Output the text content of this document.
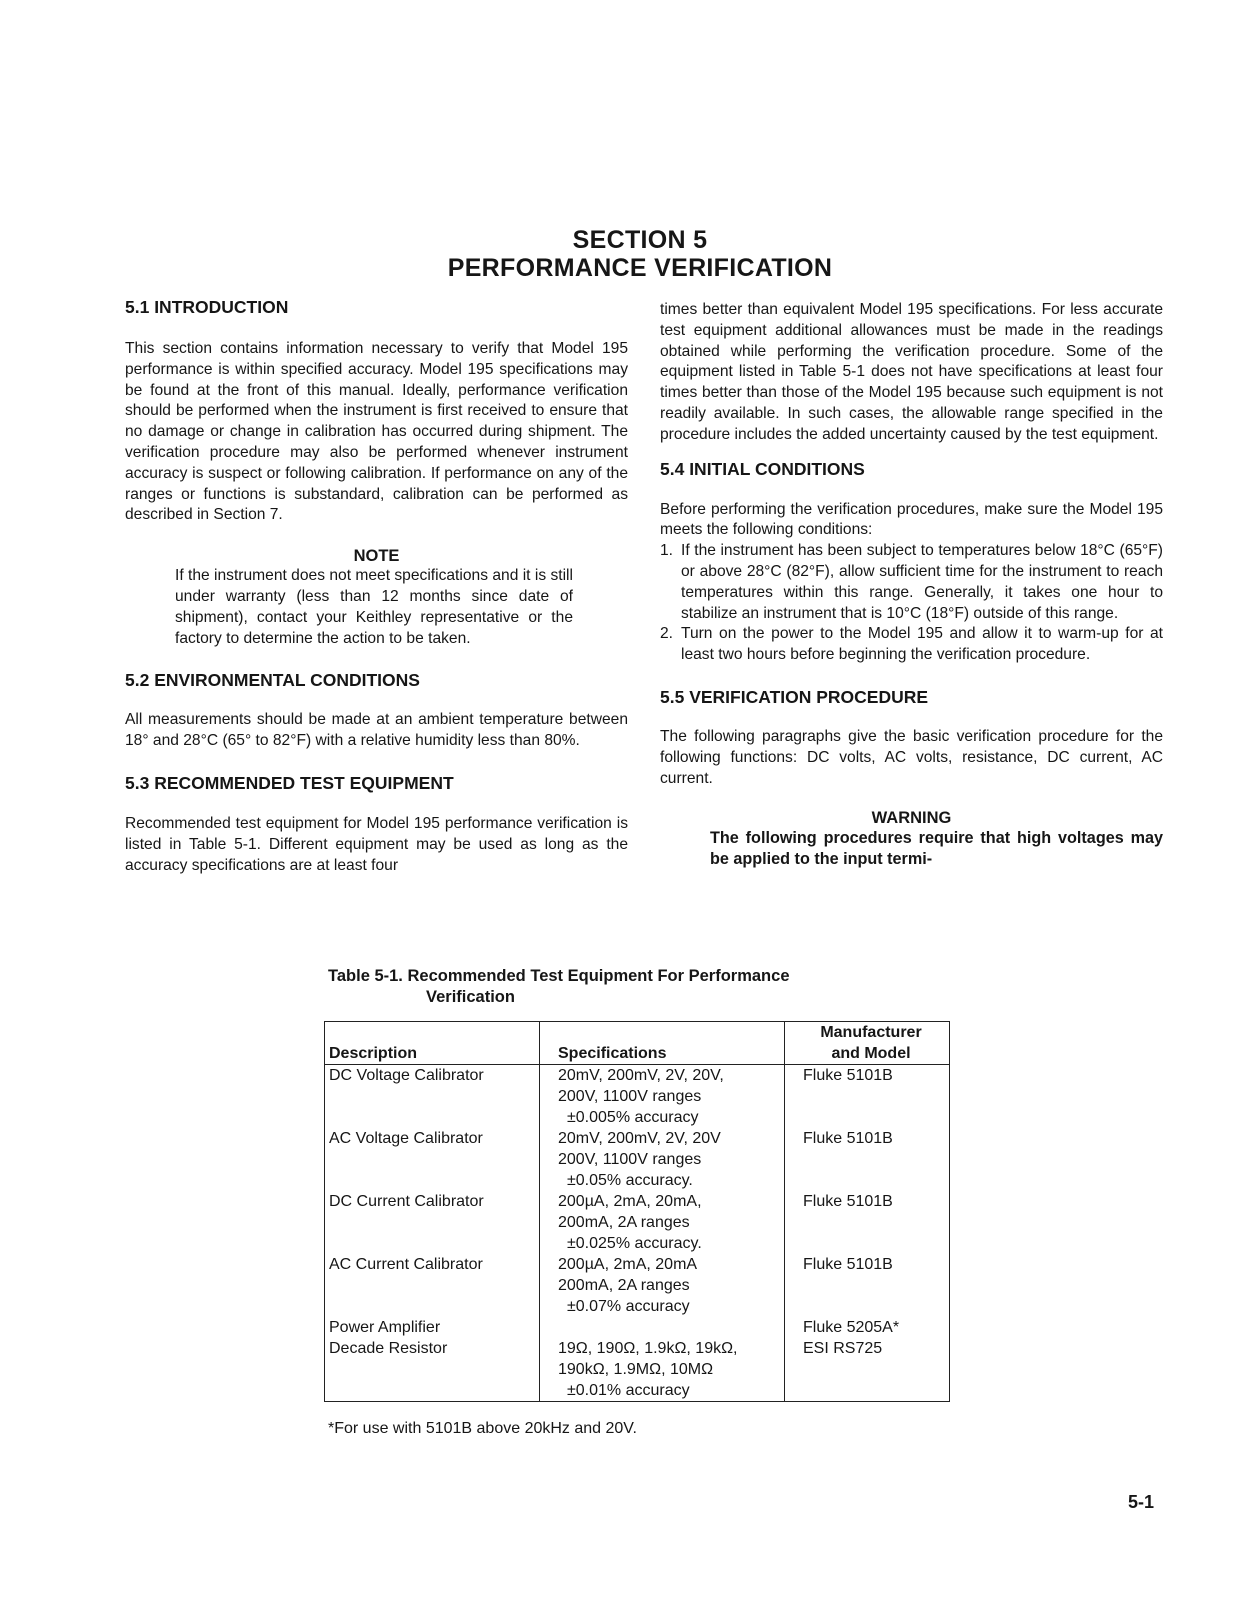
SECTION 5
PERFORMANCE VERIFICATION

5.1 INTRODUCTION

This section contains information necessary to verify that Model 195 performance is within specified accuracy. Model 195 specifications may be found at the front of this manual. Ideally, performance verification should be performed when the instrument is first received to ensure that no damage or change in calibration has occurred during shipment. The verification procedure may also be performed whenever instrument accuracy is suspect or following calibration. If performance on any of the ranges or functions is substandard, calibration can be performed as described in Section 7.

NOTE

If the instrument does not meet specifications and it is still under warranty (less than 12 months since date of shipment), contact your Keithley representative or the factory to determine the action to be taken.

5.2 ENVIRONMENTAL CONDITIONS

All measurements should be made at an ambient temperature between 18° and 28°C (65° to 82°F) with a relative humidity less than 80%.

5.3 RECOMMENDED TEST EQUIPMENT

Recommended test equipment for Model 195 performance verification is listed in Table 5-1. Different equipment may be used as long as the accuracy specifications are at least four

times better than equivalent Model 195 specifications. For less accurate test equipment additional allowances must be made in the readings obtained while performing the verification procedure. Some of the equipment listed in Table 5-1 does not have specifications at least four times better than those of the Model 195 because such equipment is not readily available. In such cases, the allowable range specified in the procedure includes the added uncertainty caused by the test equipment.

5.4 INITIAL CONDITIONS

Before performing the verification procedures, make sure the Model 195 meets the following conditions:

1. If the instrument has been subject to temperatures below 18°C (65°F) or above 28°C (82°F), allow sufficient time for the instrument to reach temperatures within this range. Generally, it takes one hour to stabilize an instrument that is 10°C (18°F) outside of this range.
2. Turn on the power to the Model 195 and allow it to warm-up for at least two hours before beginning the verification procedure.

5.5 VERIFICATION PROCEDURE

The following paragraphs give the basic verification procedure for the following functions: DC volts, AC volts, resistance, DC current, AC current.

WARNING

The following procedures require that high voltages may be applied to the input termi-

Table 5-1. Recommended Test Equipment For Performance
Verification
Description	Specifications	Manufacturer
and Model

DC Voltage Calibrator	20mV, 200mV, 2V, 20V,
200V, 1100V ranges
±0.005% accuracy	Fluke 5101B
AC Voltage Calibrator	20mV, 200mV, 2V, 20V
200V, 1100V ranges
±0.05% accuracy.	Fluke 5101B
DC Current Calibrator	200µA, 2mA, 20mA,
200mA, 2A ranges
±0.025% accuracy.	Fluke 5101B
AC Current Calibrator	200µA, 2mA, 20mA
200mA, 2A ranges
±0.07% accuracy	Fluke 5101B
Power Amplifier		Fluke 5205A*
Decade Resistor	19Ω, 190Ω, 1.9kΩ, 19kΩ,
190kΩ, 1.9MΩ, 10MΩ
±0.01% accuracy	ESI RS725
*For use with 5101B above 20kHz and 20V.
5-1
